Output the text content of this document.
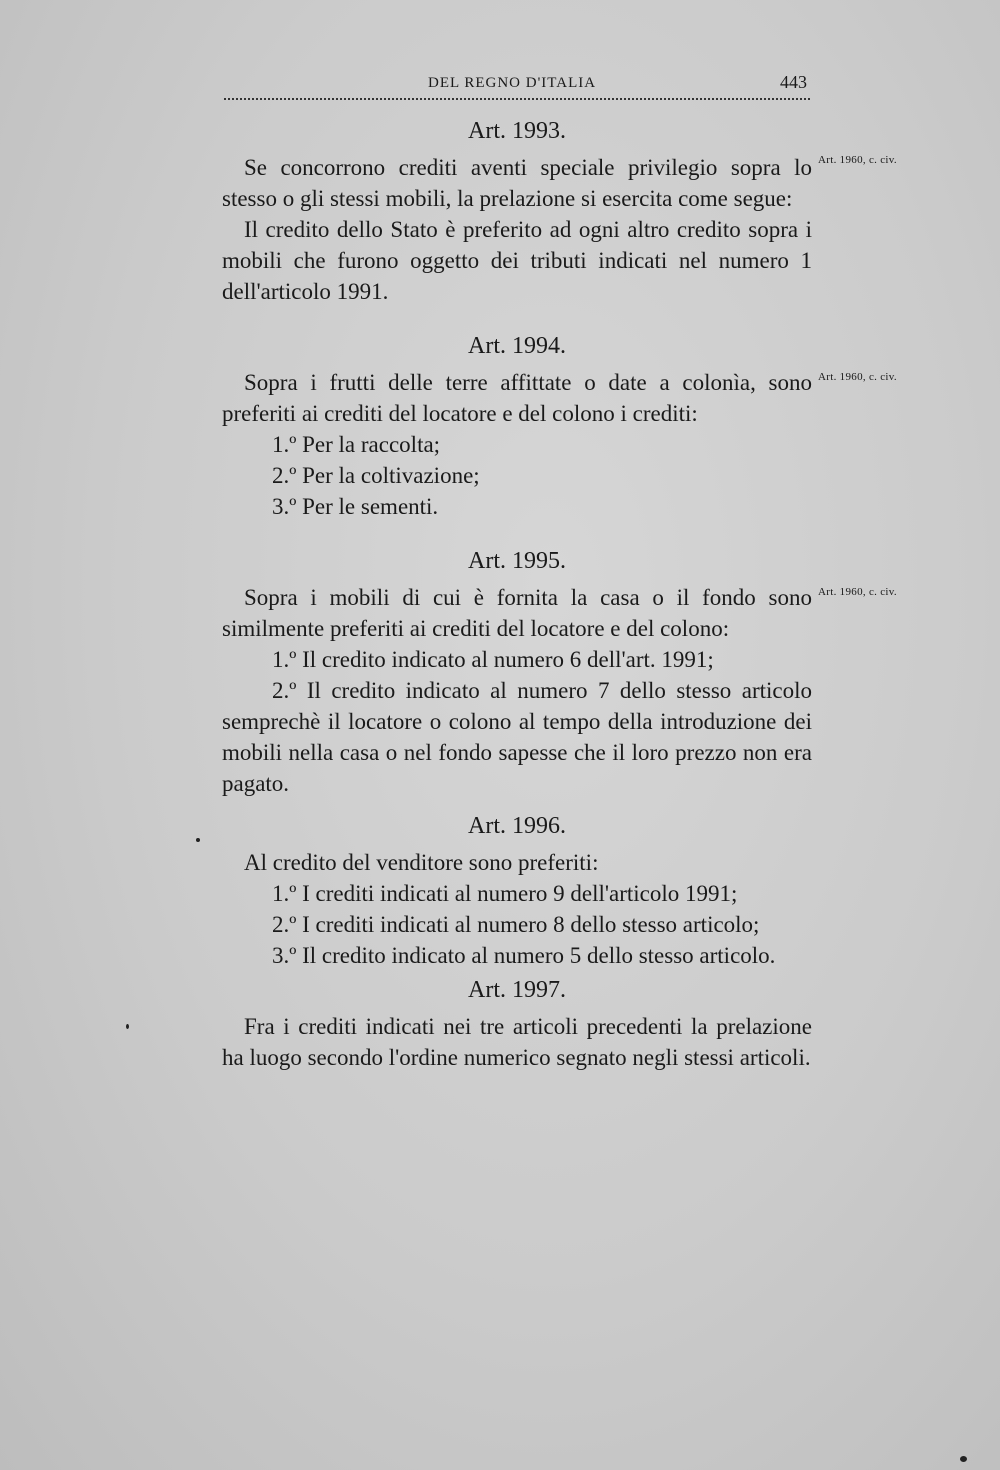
DEL REGNO D'ITALIA	443
Art. 1960, c. civ.

Art. 1993.

Se concorrono crediti aventi speciale privilegio sopra lo stesso o gli stessi mobili, la prelazione si esercita come segue:

Il credito dello Stato è preferito ad ogni altro credito sopra i mobili che furono oggetto dei tributi indicati nel numero 1 dell'articolo 1991.

Art. 1960, c. civ.

Art. 1994.

Sopra i frutti delle terre affittate o date a colonìa, sono preferiti ai crediti del locatore e del colono i crediti:

1.º Per la raccolta;

2.º Per la coltivazione;

3.º Per le sementi.

Art. 1960, c. civ.

Art. 1995.

Sopra i mobili di cui è fornita la casa o il fondo sono similmente preferiti ai crediti del locatore e del colono:

1.º Il credito indicato al numero 6 dell'art. 1991;

2.º Il credito indicato al numero 7 dello stesso articolo semprechè il locatore o colono al tempo della introduzione dei mobili nella casa o nel fondo sapesse che il loro prezzo non era pagato.

Art. 1996.

Al credito del venditore sono preferiti:

1.º I crediti indicati al numero 9 dell'articolo 1991;

2.º I crediti indicati al numero 8 dello stesso articolo;

3.º Il credito indicato al numero 5 dello stesso articolo.

Art. 1997.

Fra i crediti indicati nei tre articoli precedenti la prelazione ha luogo secondo l'ordine numerico segnato negli stessi articoli.
